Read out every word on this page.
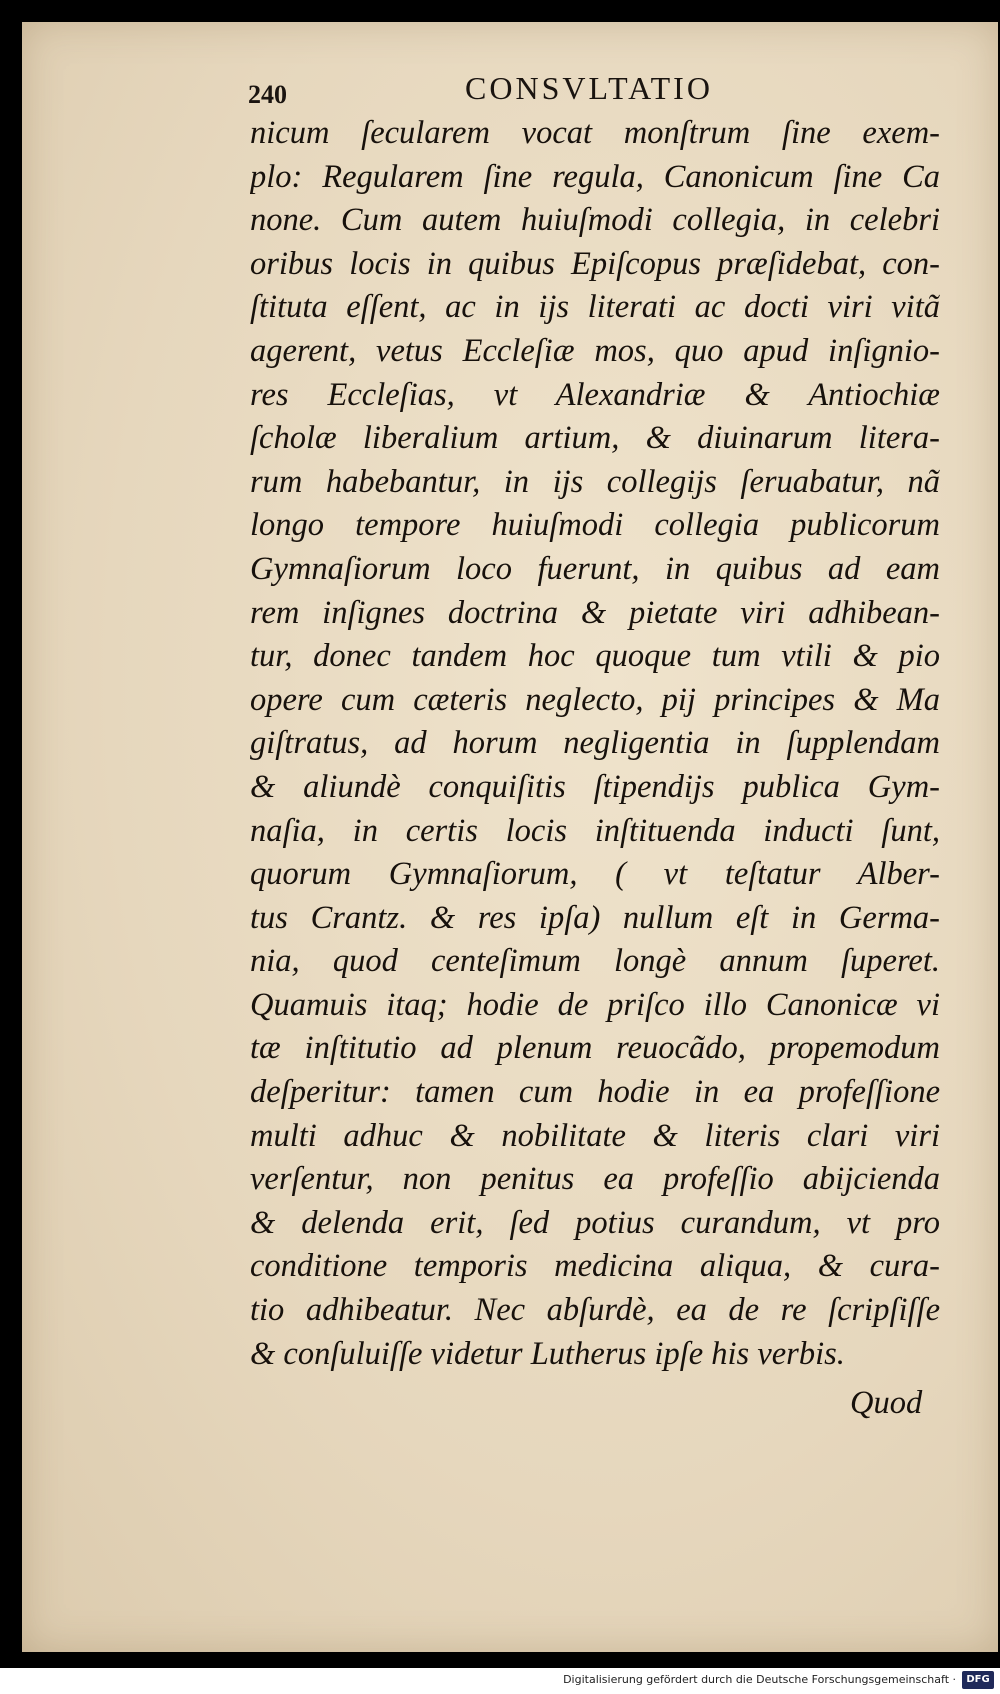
240	CONSVLTATIO
nicum ſecularem vocat monſtrum ſine exem-
plo: Regularem ſine regula, Canonicum ſine Ca
none. Cum autem huiuſmodi collegia, in celebri
oribus locis in quibus Epiſcopus præſidebat, con-
ſtituta eſſent, ac in ijs literati ac docti viri vitã
agerent, vetus Eccleſiæ mos, quo apud inſignio-
res Eccleſias, vt Alexandriæ & Antiochiæ
ſcholæ liberalium artium, & diuinarum litera-
rum habebantur, in ijs collegijs ſeruabatur, nã
longo tempore huiuſmodi collegia publicorum
Gymnaſiorum loco fuerunt, in quibus ad eam
rem inſignes doctrina & pietate viri adhibean-
tur, donec tandem hoc quoque tum vtili & pio
opere cum cæteris neglecto, pij principes & Ma
giſtratus, ad horum negligentia in ſupplendam
& aliundè conquiſitis ſtipendijs publica Gym-
naſia, in certis locis inſtituenda inducti ſunt,
quorum Gymnaſiorum, ( vt teſtatur Alber-
tus Crantz. & res ipſa) nullum eſt in Germa-
nia, quod centeſimum longè annum ſuperet.
Quamuis itaq; hodie de priſco illo Canonicæ vi
tæ inſtitutio ad plenum reuocãdo, propemodum
deſperitur: tamen cum hodie in ea profeſſione
multi adhuc & nobilitate & literis clari viri
verſentur, non penitus ea profeſſio abijcienda
& delenda erit, ſed potius curandum, vt pro
conditione temporis medicina aliqua, & cura-
tio adhibeatur. Nec abſurdè, ea de re ſcripſiſſe
& conſuluiſſe videtur Lutherus ipſe his verbis.
Quod
Digitalisierung gefördert durch die Deutsche Forschungsgemeinschaft ·	DFG
